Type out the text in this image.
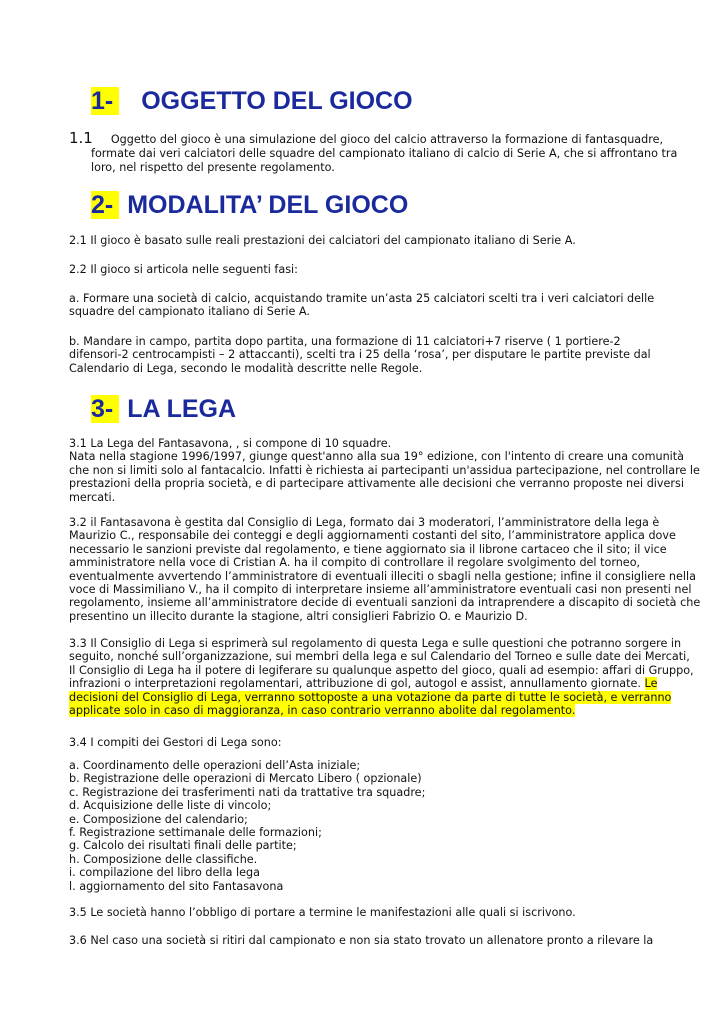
1- OGGETTO DEL GIOCO
1.1 Oggetto del gioco è una simulazione del gioco del calcio attraverso la formazione di fantasquadre,
formate dai veri calciatori delle squadre del campionato italiano di calcio di Serie A, che si affrontano tra
loro, nel rispetto del presente regolamento.
2- MODALITA’ DEL GIOCO
2.1 Il gioco è basato sulle reali prestazioni dei calciatori del campionato italiano di Serie A.
2.2 Il gioco si articola nelle seguenti fasi:
a. Formare una società di calcio, acquistando tramite un’asta 25 calciatori scelti tra i veri calciatori delle
squadre del campionato italiano di Serie A.
b. Mandare in campo, partita dopo partita, una formazione di 11 calciatori+7 riserve ( 1 portiere-2
difensori-2 centrocampisti – 2 attaccanti), scelti tra i 25 della ‘rosa’, per disputare le partite previste dal
Calendario di Lega, secondo le modalità descritte nelle Regole.
3- LA LEGA
3.1 La Lega del Fantasavona, , si compone di 10 squadre.
Nata nella stagione 1996/1997, giunge quest'anno alla sua 19° edizione, con l'intento di creare una comunità
che non si limiti solo al fantacalcio. Infatti è richiesta ai partecipanti un'assidua partecipazione, nel controllare le
prestazioni della propria società, e di partecipare attivamente alle decisioni che verranno proposte nei diversi
mercati.
3.2 il Fantasavona è gestita dal Consiglio di Lega, formato dai 3 moderatori, l’amministratore della lega è
Maurizio C., responsabile dei conteggi e degli aggiornamenti costanti del sito, l’amministratore applica dove
necessario le sanzioni previste dal regolamento, e tiene aggiornato sia il librone cartaceo che il sito; il vice
amministratore nella voce di Cristian A. ha il compito di controllare il regolare svolgimento del torneo,
eventualmente avvertendo l’amministratore di eventuali illeciti o sbagli nella gestione; infine il consigliere nella
voce di Massimiliano V., ha il compito di interpretare insieme all’amministratore eventuali casi non presenti nel
regolamento, insieme all’amministratore decide di eventuali sanzioni da intraprendere a discapito di società che
presentino un illecito durante la stagione, altri consiglieri Fabrizio O. e Maurizio D.
3.3 Il Consiglio di Lega si esprimerà sul regolamento di questa Lega e sulle questioni che potranno sorgere in
seguito, nonché sull’organizzazione, sui membri della lega e sul Calendario del Torneo e sulle date dei Mercati,
Il Consiglio di Lega ha il potere di legiferare su qualunque aspetto del gioco, quali ad esempio: affari di Gruppo,
infrazioni o interpretazioni regolamentari, attribuzione di gol, autogol e assist, annullamento giornate. Le
decisioni del Consiglio di Lega, verranno sottoposte a una votazione da parte di tutte le società, e verranno
applicate solo in caso di maggioranza, in caso contrario verranno abolite dal regolamento.
3.4 I compiti dei Gestori di Lega sono:
a. Coordinamento delle operazioni dell’Asta iniziale;
b. Registrazione delle operazioni di Mercato Libero ( opzionale)
c. Registrazione dei trasferimenti nati da trattative tra squadre;
d. Acquisizione delle liste di vincolo;
e. Composizione del calendario;
f. Registrazione settimanale delle formazioni;
g. Calcolo dei risultati finali delle partite;
h. Composizione delle classifiche.
i. compilazione del libro della lega
l. aggiornamento del sito Fantasavona
3.5 Le società hanno l’obbligo di portare a termine le manifestazioni alle quali si iscrivono.
3.6 Nel caso una società si ritiri dal campionato e non sia stato trovato un allenatore pronto a rilevare la
